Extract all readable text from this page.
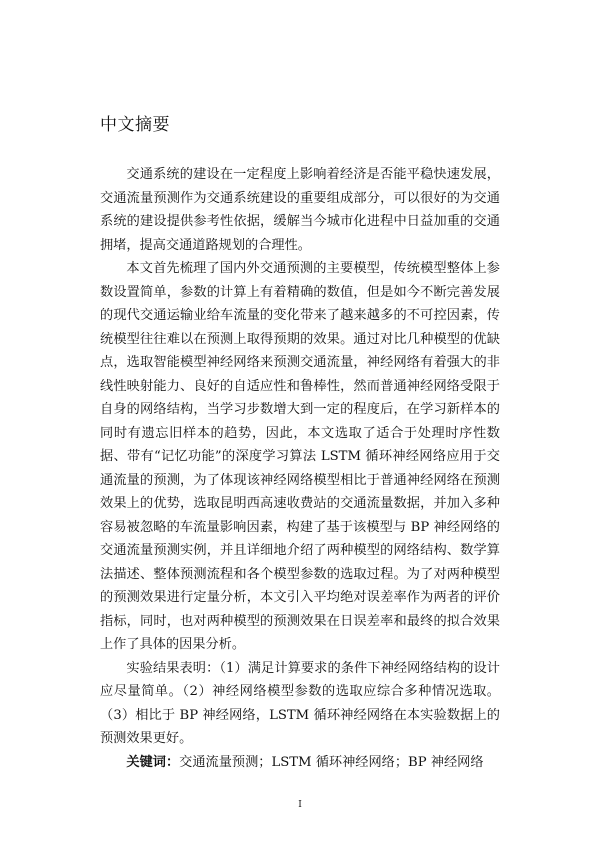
中文摘要

交通系统的建设在一定程度上影响着经济是否能平稳快速发展，交通流量预测作为交通系统建设的重要组成部分，可以很好的为交通系统的建设提供参考性依据，缓解当今城市化进程中日益加重的交通拥堵，提高交通道路规划的合理性。

本文首先梳理了国内外交通预测的主要模型，传统模型整体上参数设置简单，参数的计算上有着精确的数值，但是如今不断完善发展的现代交通运输业给车流量的变化带来了越来越多的不可控因素，传统模型往往难以在预测上取得预期的效果。通过对比几种模型的优缺点，选取智能模型神经网络来预测交通流量，神经网络有着强大的非线性映射能力、良好的自适应性和鲁棒性，然而普通神经网络受限于自身的网络结构，当学习步数增大到一定的程度后，在学习新样本的同时有遗忘旧样本的趋势，因此，本文选取了适合于处理时序性数据、带有“记忆功能”的深度学习算法 LSTM 循环神经网络应用于交通流量的预测，为了体现该神经网络模型相比于普通神经网络在预测效果上的优势，选取昆明西高速收费站的交通流量数据，并加入多种容易被忽略的车流量影响因素，构建了基于该模型与 BP 神经网络的交通流量预测实例，并且详细地介绍了两种模型的网络结构、数学算法描述、整体预测流程和各个模型参数的选取过程。为了对两种模型的预测效果进行定量分析，本文引入平均绝对误差率作为两者的评价指标，同时，也对两种模型的预测效果在日误差率和最终的拟合效果上作了具体的因果分析。

实验结果表明：（1）满足计算要求的条件下神经网络结构的设计应尽量简单。（2）神经网络模型参数的选取应综合多种情况选取。（3）相比于 BP 神经网络，LSTM 循环神经网络在本实验数据上的预测效果更好。

关键词：交通流量预测；LSTM 循环神经网络；BP 神经网络

I
